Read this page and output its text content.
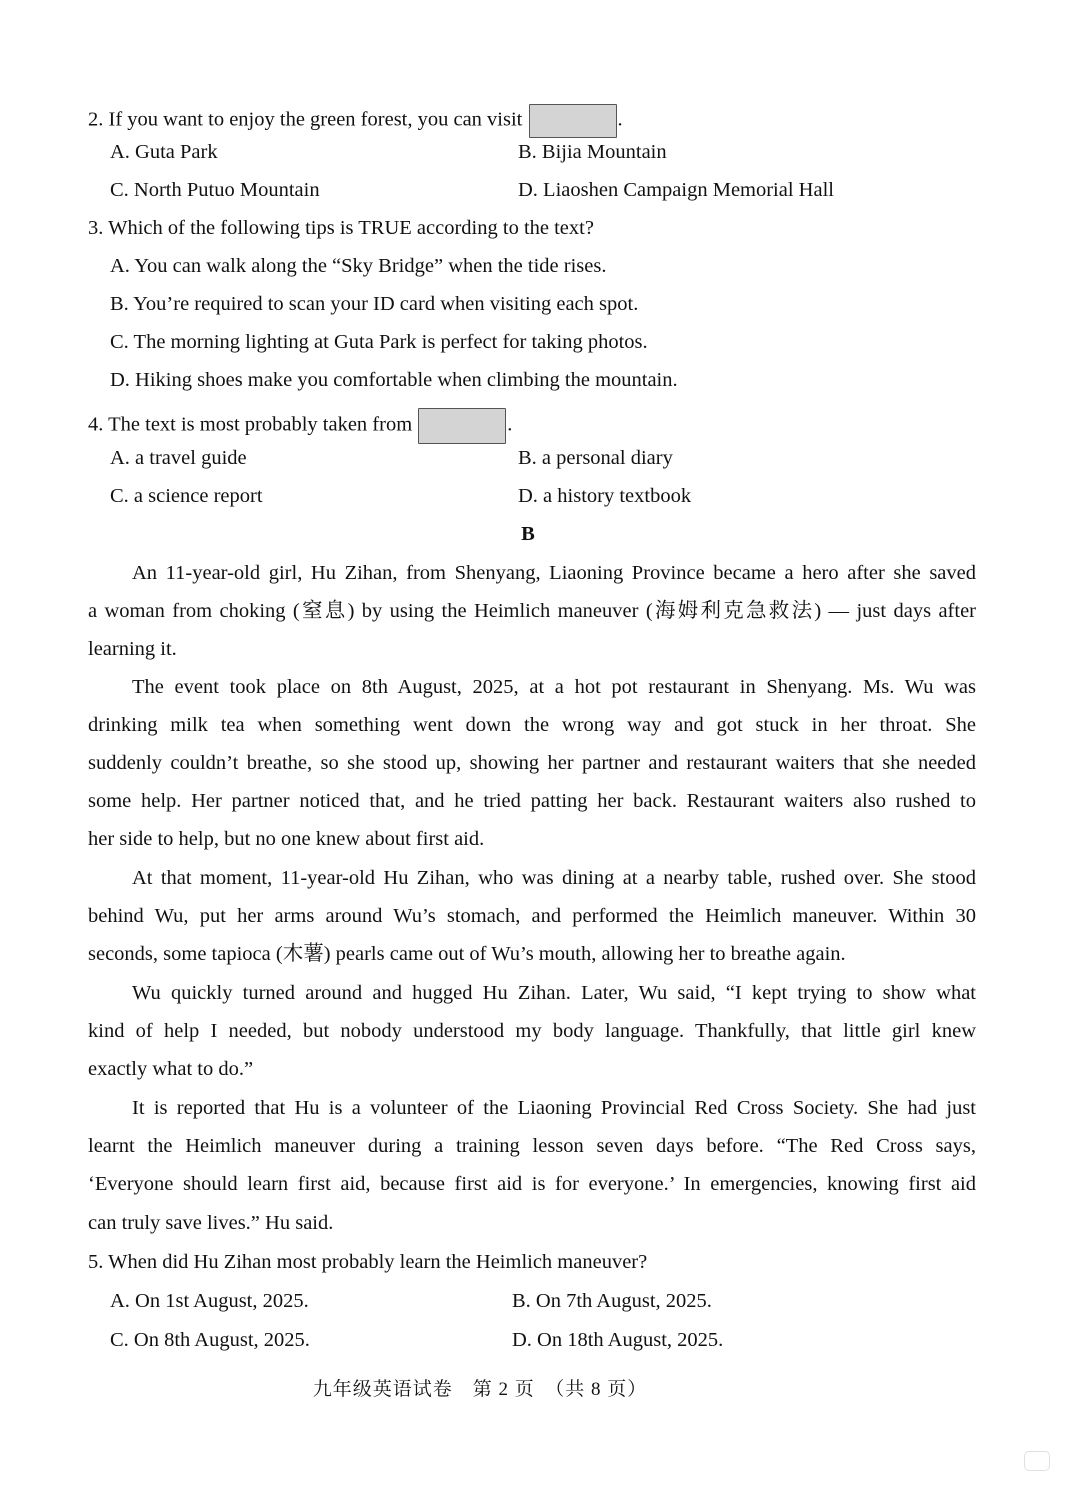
2. If you want to enjoy the green forest, you can visit	.
A. Guta Park	B. Bijia Mountain
C. North Putuo Mountain	D. Liaoshen Campaign Memorial Hall
3. Which of the following tips is TRUE according to the text?
A. You can walk along the “Sky Bridge” when the tide rises.
B. You’re required to scan your ID card when visiting each spot.
C. The morning lighting at Guta Park is perfect for taking photos.
D. Hiking shoes make you comfortable when climbing the mountain.
4. The text is most probably taken from	.
A. a travel guide	B. a personal diary
C. a science report	D. a history textbook
B
An 11-year-old girl, Hu Zihan, from Shenyang, Liaoning Province became a hero after she saved
a woman from choking (窒息) by using the Heimlich maneuver (海姆利克急救法) — just days after
learning it.
The event took place on 8th August, 2025, at a hot pot restaurant in Shenyang. Ms. Wu was
drinking milk tea when something went down the wrong way and got stuck in her throat. She
suddenly couldn’t breathe, so she stood up, showing her partner and restaurant waiters that she needed
some help. Her partner noticed that, and he tried patting her back. Restaurant waiters also rushed to
her side to help, but no one knew about first aid.
At that moment, 11-year-old Hu Zihan, who was dining at a nearby table, rushed over. She stood
behind Wu, put her arms around Wu’s stomach, and performed the Heimlich maneuver. Within 30
seconds, some tapioca (木薯) pearls came out of Wu’s mouth, allowing her to breathe again.
Wu quickly turned around and hugged Hu Zihan. Later, Wu said, “I kept trying to show what
kind of help I needed, but nobody understood my body language. Thankfully, that little girl knew
exactly what to do.”
It is reported that Hu is a volunteer of the Liaoning Provincial Red Cross Society. She had just
learnt the Heimlich maneuver during a training lesson seven days before. “The Red Cross says,
‘Everyone should learn first aid, because first aid is for everyone.’ In emergencies, knowing first aid
can truly save lives.” Hu said.
5. When did Hu Zihan most probably learn the Heimlich maneuver?
A. On 1st August, 2025.	B. On 7th August, 2025.
C. On 8th August, 2025.	D. On 18th August, 2025.
九年级英语试卷　第 2 页　（共 8 页）
